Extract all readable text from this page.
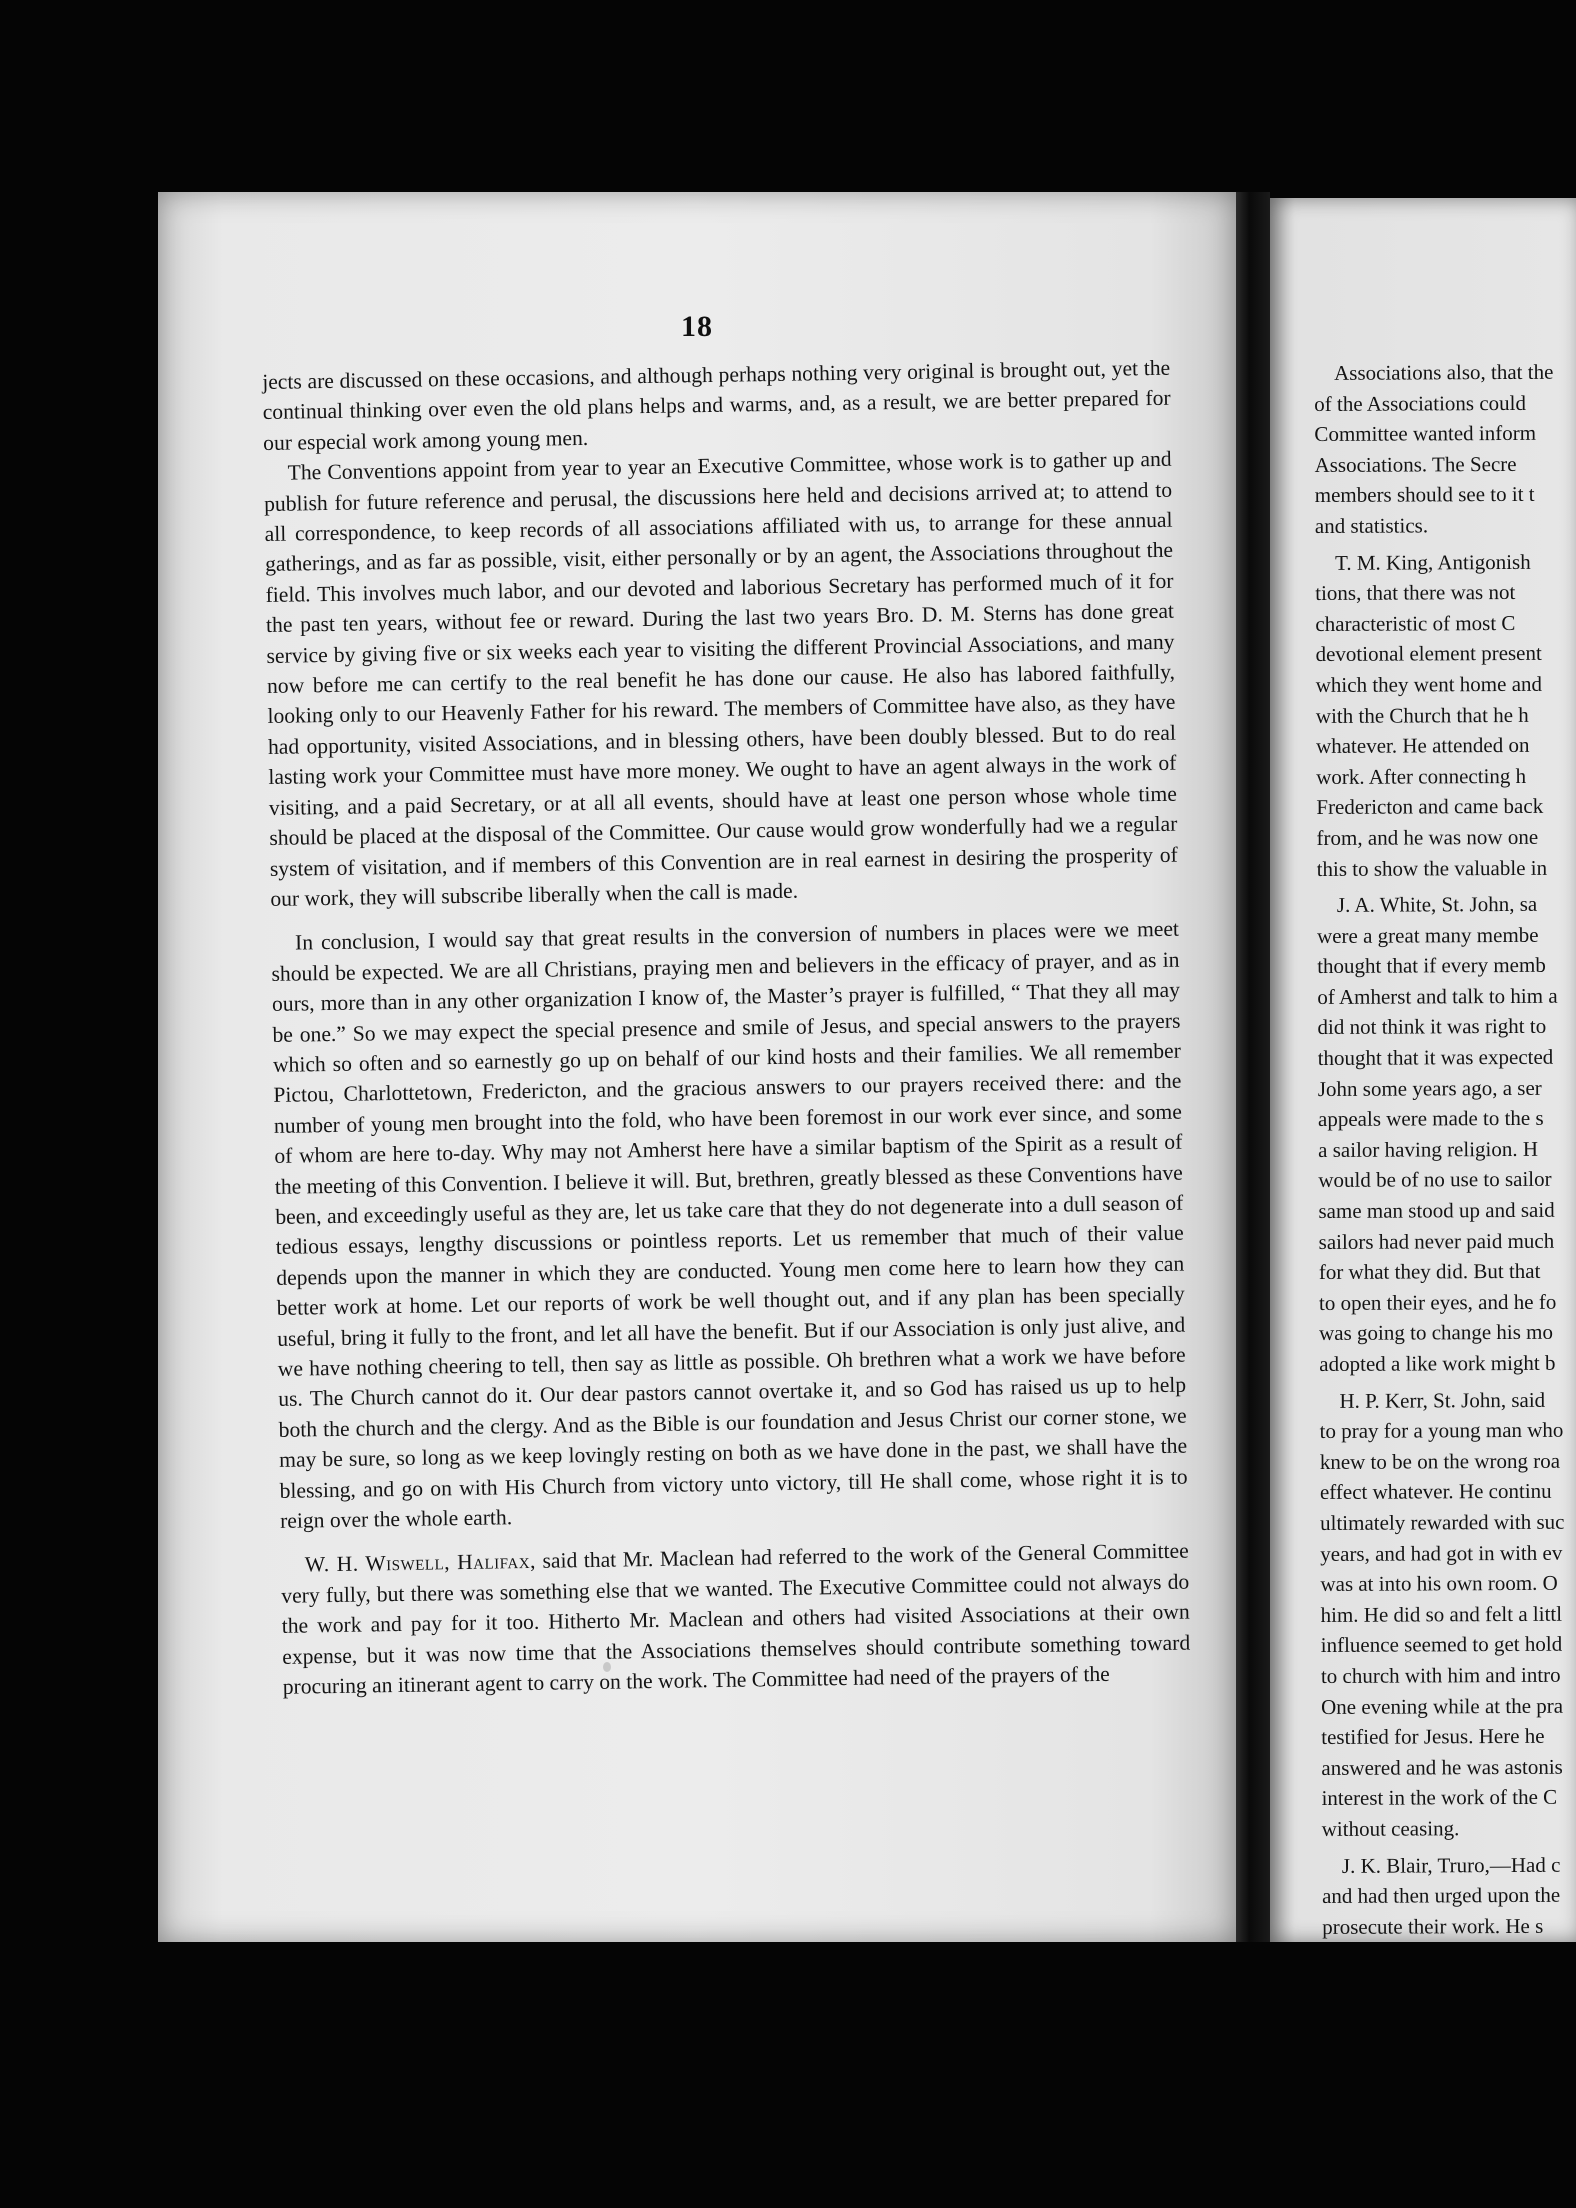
18

jects are discussed on these occasions, and although perhaps nothing very original is brought out, yet the continual thinking over even the old plans helps and warms, and, as a result, we are better prepared for our especial work among young men.

The Conventions appoint from year to year an Executive Committee, whose work is to gather up and publish for future reference and perusal, the discussions here held and decisions arrived at; to attend to all correspondence, to keep records of all associations affiliated with us, to arrange for these annual gatherings, and as far as possible, visit, either personally or by an agent, the Associations throughout the field. This involves much labor, and our devoted and laborious Secretary has performed much of it for the past ten years, without fee or reward. During the last two years Bro. D. M. Sterns has done great service by giving five or six weeks each year to visiting the different Provincial Associations, and many now before me can certify to the real benefit he has done our cause. He also has labored faithfully, looking only to our Heavenly Father for his reward. The members of Committee have also, as they have had opportunity, visited Associations, and in blessing others, have been doubly blessed. But to do real lasting work your Committee must have more money. We ought to have an agent always in the work of visiting, and a paid Secretary, or at all all events, should have at least one person whose whole time should be placed at the disposal of the Committee. Our cause would grow wonderfully had we a regular system of visitation, and if members of this Convention are in real earnest in desiring the prosperity of our work, they will subscribe liberally when the call is made.

In conclusion, I would say that great results in the conversion of numbers in places were we meet should be expected. We are all Christians, praying men and believers in the efficacy of prayer, and as in ours, more than in any other organization I know of, the Master’s prayer is fulfilled, “ That they all may be one.” So we may expect the special presence and smile of Jesus, and special answers to the prayers which so often and so earnestly go up on behalf of our kind hosts and their families. We all remember Pictou, Charlottetown, Fredericton, and the gracious answers to our prayers received there: and the number of young men brought into the fold, who have been foremost in our work ever since, and some of whom are here to-day. Why may not Amherst here have a similar baptism of the Spirit as a result of the meeting of this Convention. I believe it will. But, brethren, greatly blessed as these Conventions have been, and exceedingly useful as they are, let us take care that they do not degenerate into a dull season of tedious essays, lengthy discussions or pointless reports. Let us remember that much of their value depends upon the manner in which they are conducted. Young men come here to learn how they can better work at home. Let our reports of work be well thought out, and if any plan has been specially useful, bring it fully to the front, and let all have the benefit. But if our Association is only just alive, and we have nothing cheering to tell, then say as little as possible. Oh brethren what a work we have before us. The Church cannot do it. Our dear pastors cannot overtake it, and so God has raised us up to help both the church and the clergy. And as the Bible is our foundation and Jesus Christ our corner stone, we may be sure, so long as we keep lovingly resting on both as we have done in the past, we shall have the blessing, and go on with His Church from victory unto victory, till He shall come, whose right it is to reign over the whole earth.

W. H. Wiswell, Halifax, said that Mr. Maclean had referred to the work of the General Committee very fully, but there was something else that we wanted. The Executive Committee could not always do the work and pay for it too. Hitherto Mr. Maclean and others had visited Associations at their own expense, but it was now time that the Associations themselves should contribute something toward procuring an itinerant agent to carry on the work. The Committee had need of the prayers of the

Associations also, that the
of the Associations could
Committee wanted inform
Associations. The Secre
members should see to it t
and statistics.
T. M. King, Antigonish
tions, that there was not
characteristic of most C
devotional element present
which they went home and
with the Church that he h
whatever. He attended on
work. After connecting h
Fredericton and came back
from, and he was now one
this to show the valuable in
J. A. White, St. John, sa
were a great many membe
thought that if every memb
of Amherst and talk to him a
did not think it was right to
thought that it was expected
John some years ago, a ser
appeals were made to the s
a sailor having religion. H
would be of no use to sailor
same man stood up and said
sailors had never paid much
for what they did. But that
to open their eyes, and he fo
was going to change his mo
adopted a like work might b
H. P. Kerr, St. John, said
to pray for a young man who
knew to be on the wrong roa
effect whatever. He continu
ultimately rewarded with suc
years, and had got in with ev
was at into his own room. O
him. He did so and felt a littl
influence seemed to get hold
to church with him and intro
One evening while at the pra
testified for Jesus. Here he
answered and he was astonis
interest in the work of the C
without ceasing.
J. K. Blair, Truro,—Had c
and had then urged upon the
prosecute their work. He s
